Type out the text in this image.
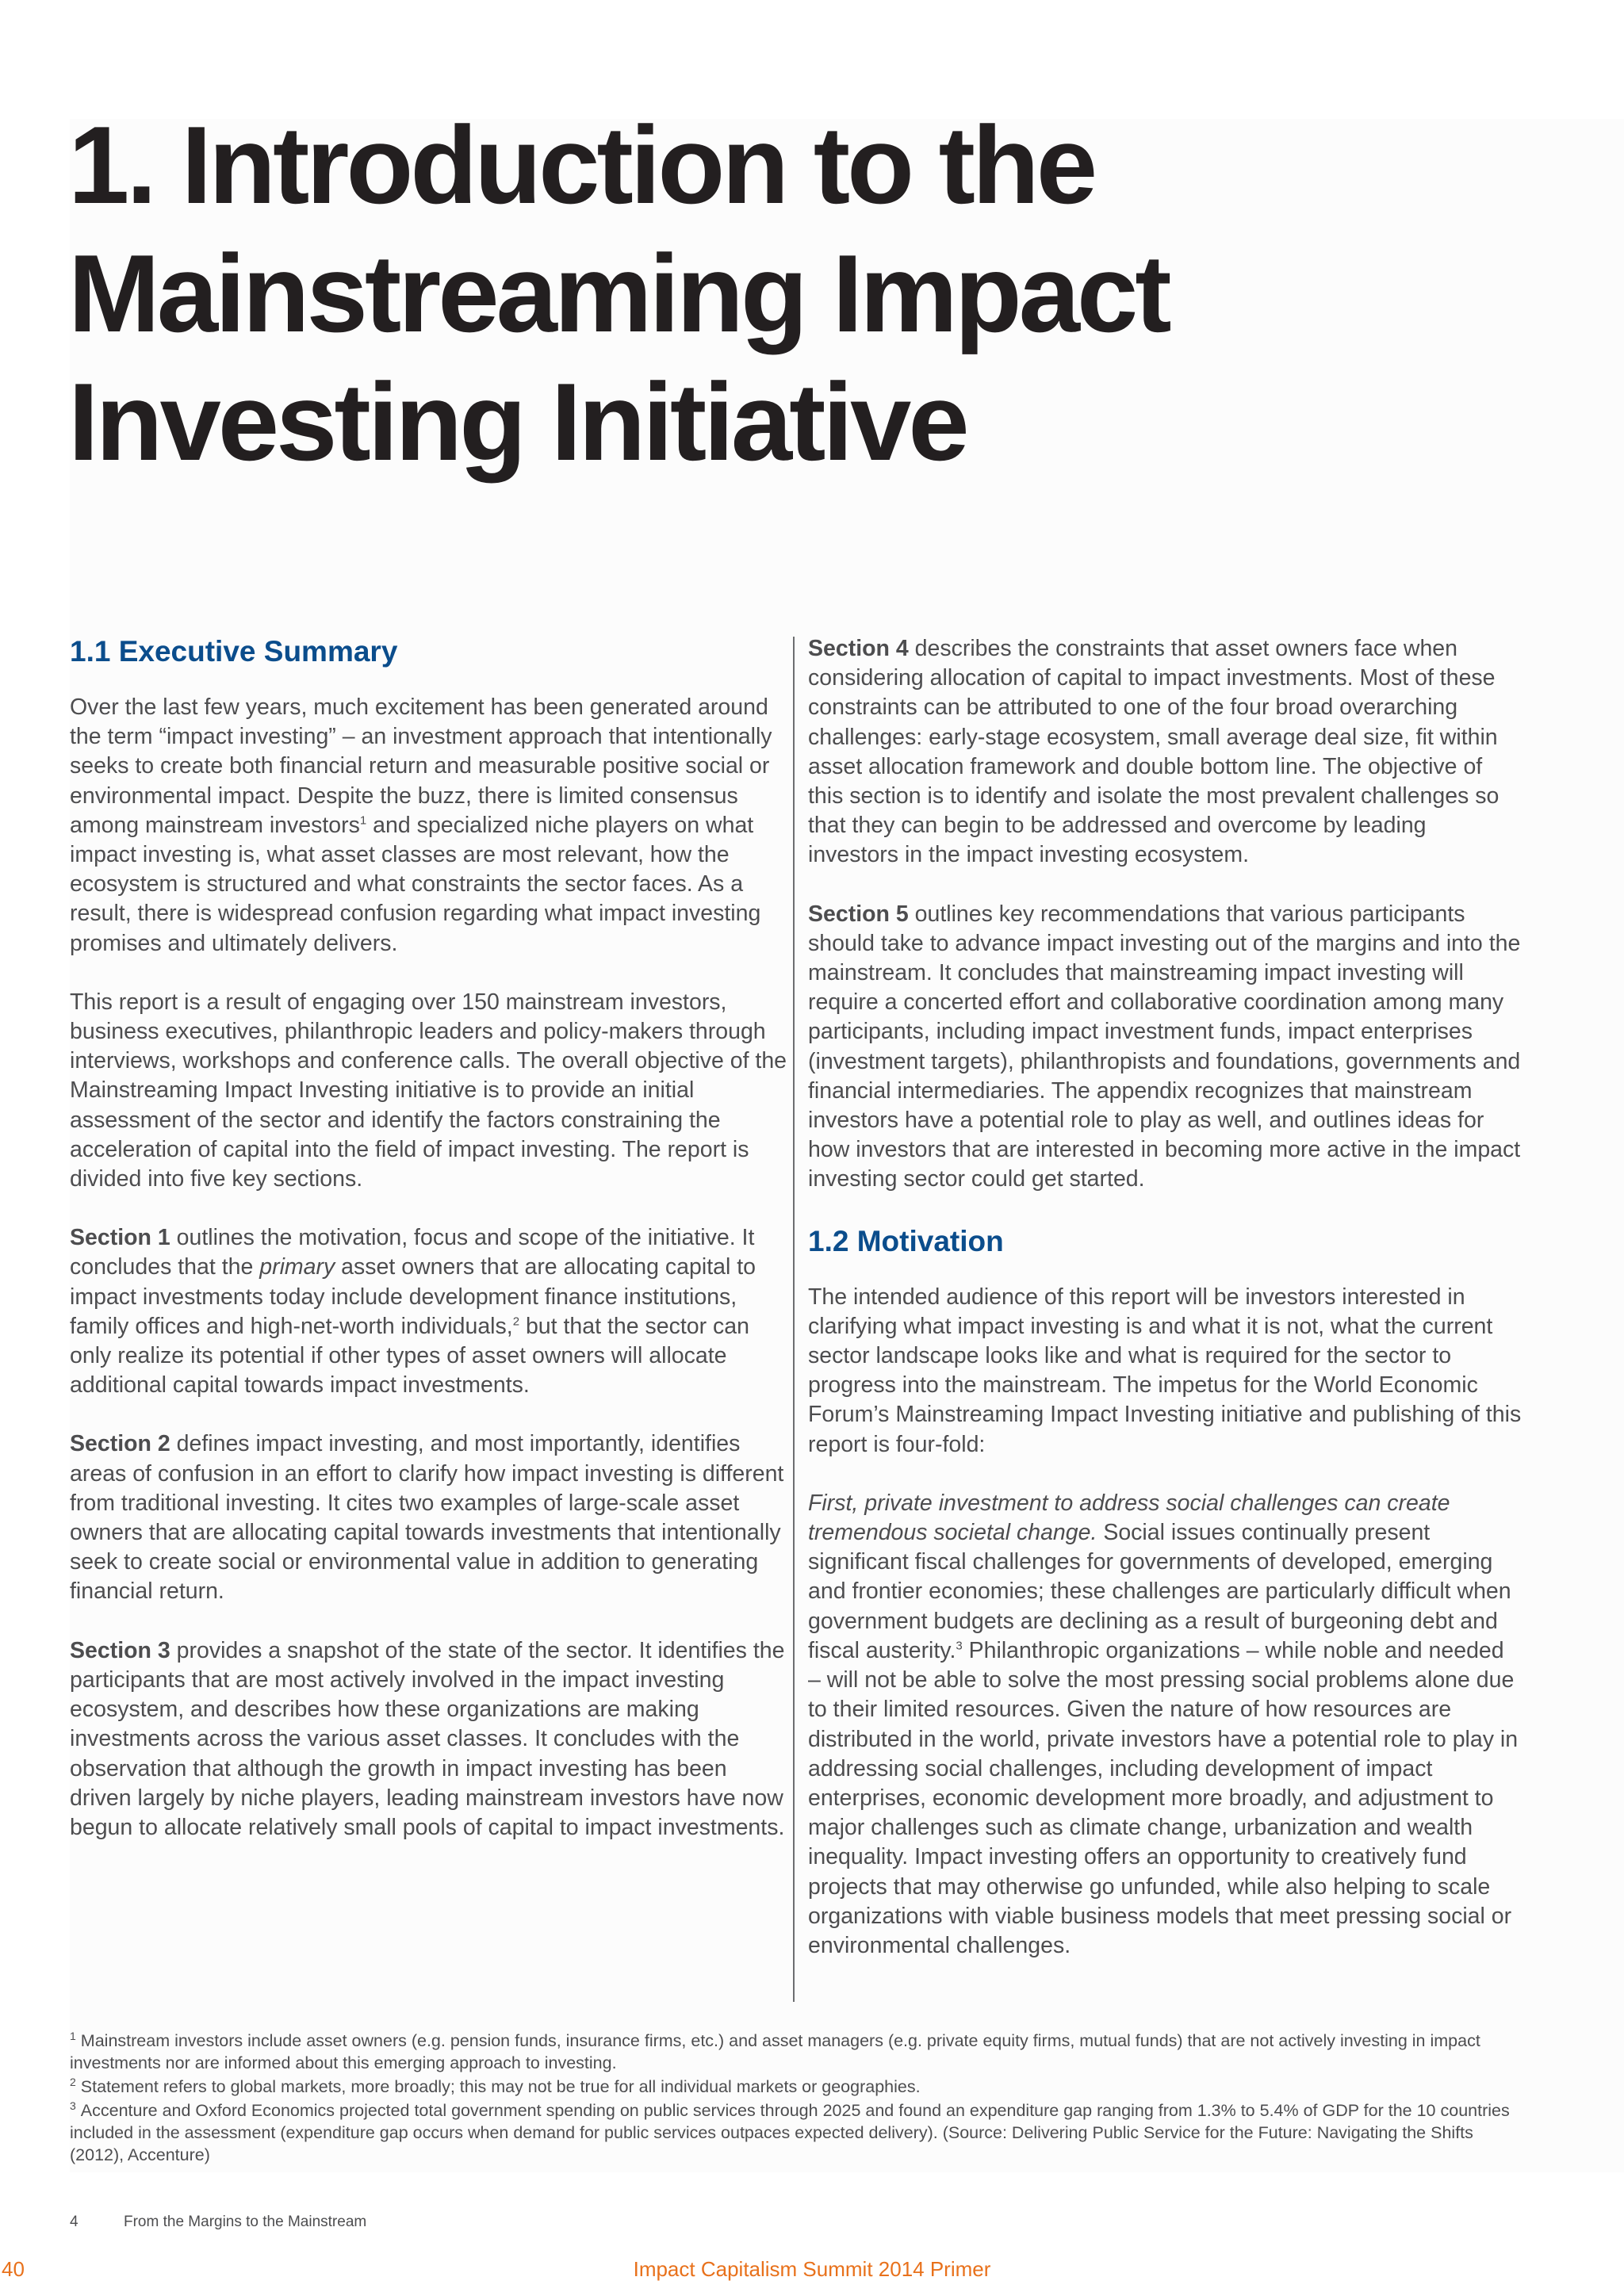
1. Introduction to the
Mainstreaming Impact
Investing Initiative
1.1 Executive Summary

Over the last few years, much excitement has been generated around the term “impact investing” – an investment approach that intentionally seeks to create both financial return and measurable positive social or environmental impact. Despite the buzz, there is limited consensus among mainstream investors$^1$ and specialized niche players on what impact investing is, what asset classes are most relevant, how the ecosystem is structured and what constraints the sector faces. As a result, there is widespread confusion regarding what impact investing promises and ultimately delivers.

This report is a result of engaging over 150 mainstream investors, business executives, philanthropic leaders and policy-makers through interviews, workshops and conference calls. The overall objective of the Mainstreaming Impact Investing initiative is to provide an initial assessment of the sector and identify the factors constraining the acceleration of capital into the field of impact investing. The report is divided into five key sections.

Section 1 outlines the motivation, focus and scope of the initiative. It concludes that the primary asset owners that are allocating capital to impact investments today include development finance institutions, family offices and high-net-worth individuals,$^2$ but that the sector can only realize its potential if other types of asset owners will allocate additional capital towards impact investments.

Section 2 defines impact investing, and most importantly, identifies areas of confusion in an effort to clarify how impact investing is different from traditional investing. It cites two examples of large-scale asset owners that are allocating capital towards investments that intentionally seek to create social or environmental value in addition to generating financial return.

Section 3 provides a snapshot of the state of the sector. It identifies the participants that are most actively involved in the impact investing ecosystem, and describes how these organizations are making investments across the various asset classes. It concludes with the observation that although the growth in impact investing has been driven largely by niche players, leading mainstream investors have now begun to allocate relatively small pools of capital to impact investments.

Section 4 describes the constraints that asset owners face when considering allocation of capital to impact investments. Most of these constraints can be attributed to one of the four broad overarching challenges: early-stage ecosystem, small average deal size, fit within asset allocation framework and double bottom line. The objective of this section is to identify and isolate the most prevalent challenges so that they can begin to be addressed and overcome by leading investors in the impact investing ecosystem.

Section 5 outlines key recommendations that various participants should take to advance impact investing out of the margins and into the mainstream. It concludes that mainstreaming impact investing will require a concerted effort and collaborative coordination among many participants, including impact investment funds, impact enterprises (investment targets), philanthropists and foundations, governments and financial intermediaries. The appendix recognizes that mainstream investors have a potential role to play as well, and outlines ideas for how investors that are interested in becoming more active in the impact investing sector could get started.

1.2 Motivation

The intended audience of this report will be investors interested in clarifying what impact investing is and what it is not, what the current sector landscape looks like and what is required for the sector to progress into the mainstream. The impetus for the World Economic Forum’s Mainstreaming Impact Investing initiative and publishing of this report is four-fold:

First, private investment to address social challenges can create tremendous societal change. Social issues continually present significant fiscal challenges for governments of developed, emerging and frontier economies; these challenges are particularly difficult when government budgets are declining as a result of burgeoning debt and fiscal austerity.$^3$ Philanthropic organizations – while noble and needed – will not be able to solve the most pressing social problems alone due to their limited resources. Given the nature of how resources are distributed in the world, private investors have a potential role to play in addressing social challenges, including development of impact enterprises, economic development more broadly, and adjustment to major challenges such as climate change, urbanization and wealth inequality. Impact investing offers an opportunity to creatively fund projects that may otherwise go unfunded, while also helping to scale organizations with viable business models that meet pressing social or environmental challenges.

$^1$ Mainstream investors include asset owners (e.g. pension funds, insurance firms, etc.) and asset managers (e.g. private equity firms, mutual funds) that are not actively investing in impact investments nor are informed about this emerging approach to investing.
$^2$ Statement refers to global markets, more broadly; this may not be true for all individual markets or geographies.
$^3$ Accenture and Oxford Economics projected total government spending on public services through 2025 and found an expenditure gap ranging from 1.3% to 5.4% of GDP for the 10 countries included in the assessment (expenditure gap occurs when demand for public services outpaces expected delivery). (Source: Delivering Public Service for the Future: Navigating the Shifts (2012), Accenture)
4	From the Margins to the Mainstream
40	Impact Capitalism Summit 2014 Primer
